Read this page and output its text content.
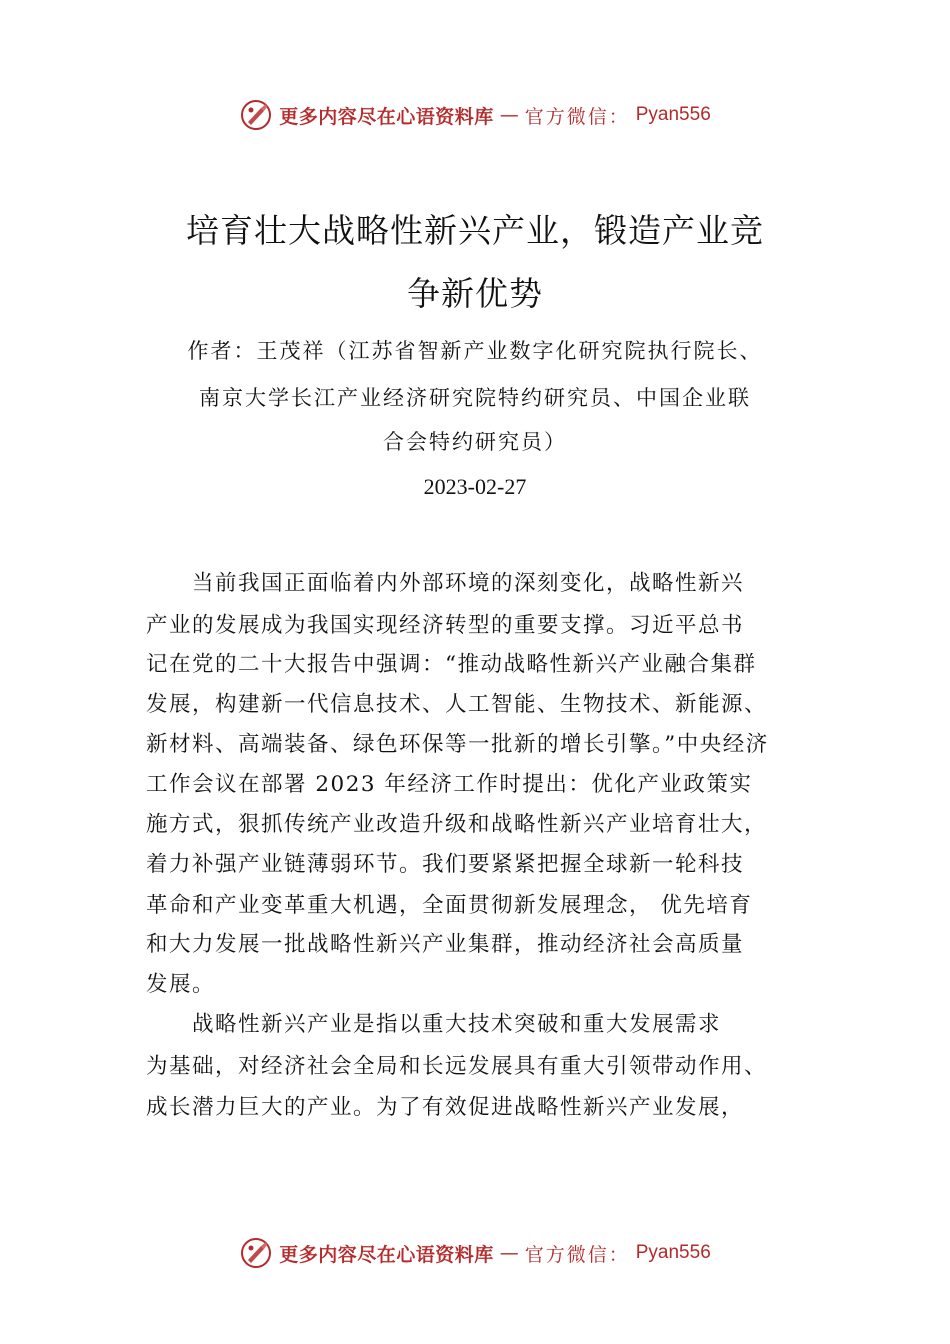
更多内容尽在心语资料库 — 官方微信： Pyan556
培育壮大战略性新兴产业，锻造产业竞
争新优势

作者：王茂祥（江苏省智新产业数字化研究院执行院长、

南京大学长江产业经济研究院特约研究员、中国企业联

合会特约研究员）

2023-02-27

　　当前我国正面临着内外部环境的深刻变化，战略性新兴

产业的发展成为我国实现经济转型的重要支撑。习近平总书

记在党的二十大报告中强调：“推动战略性新兴产业融合集群

发展，构建新一代信息技术、人工智能、生物技术、新能源、

新材料、高端装备、绿色环保等一批新的增长引擎。”中央经济

工作会议在部署 2023 年经济工作时提出：优化产业政策实

施方式，狠抓传统产业改造升级和战略性新兴产业培育壮大，

着力补强产业链薄弱环节。我们要紧紧把握全球新一轮科技

革命和产业变革重大机遇，全面贯彻新发展理念， 优先培育

和大力发展一批战略性新兴产业集群，推动经济社会高质量

发展。

　　战略性新兴产业是指以重大技术突破和重大发展需求

为基础，对经济社会全局和长远发展具有重大引领带动作用、

成长潜力巨大的产业。为了有效促进战略性新兴产业发展，

更多内容尽在心语资料库 — 官方微信： Pyan556
